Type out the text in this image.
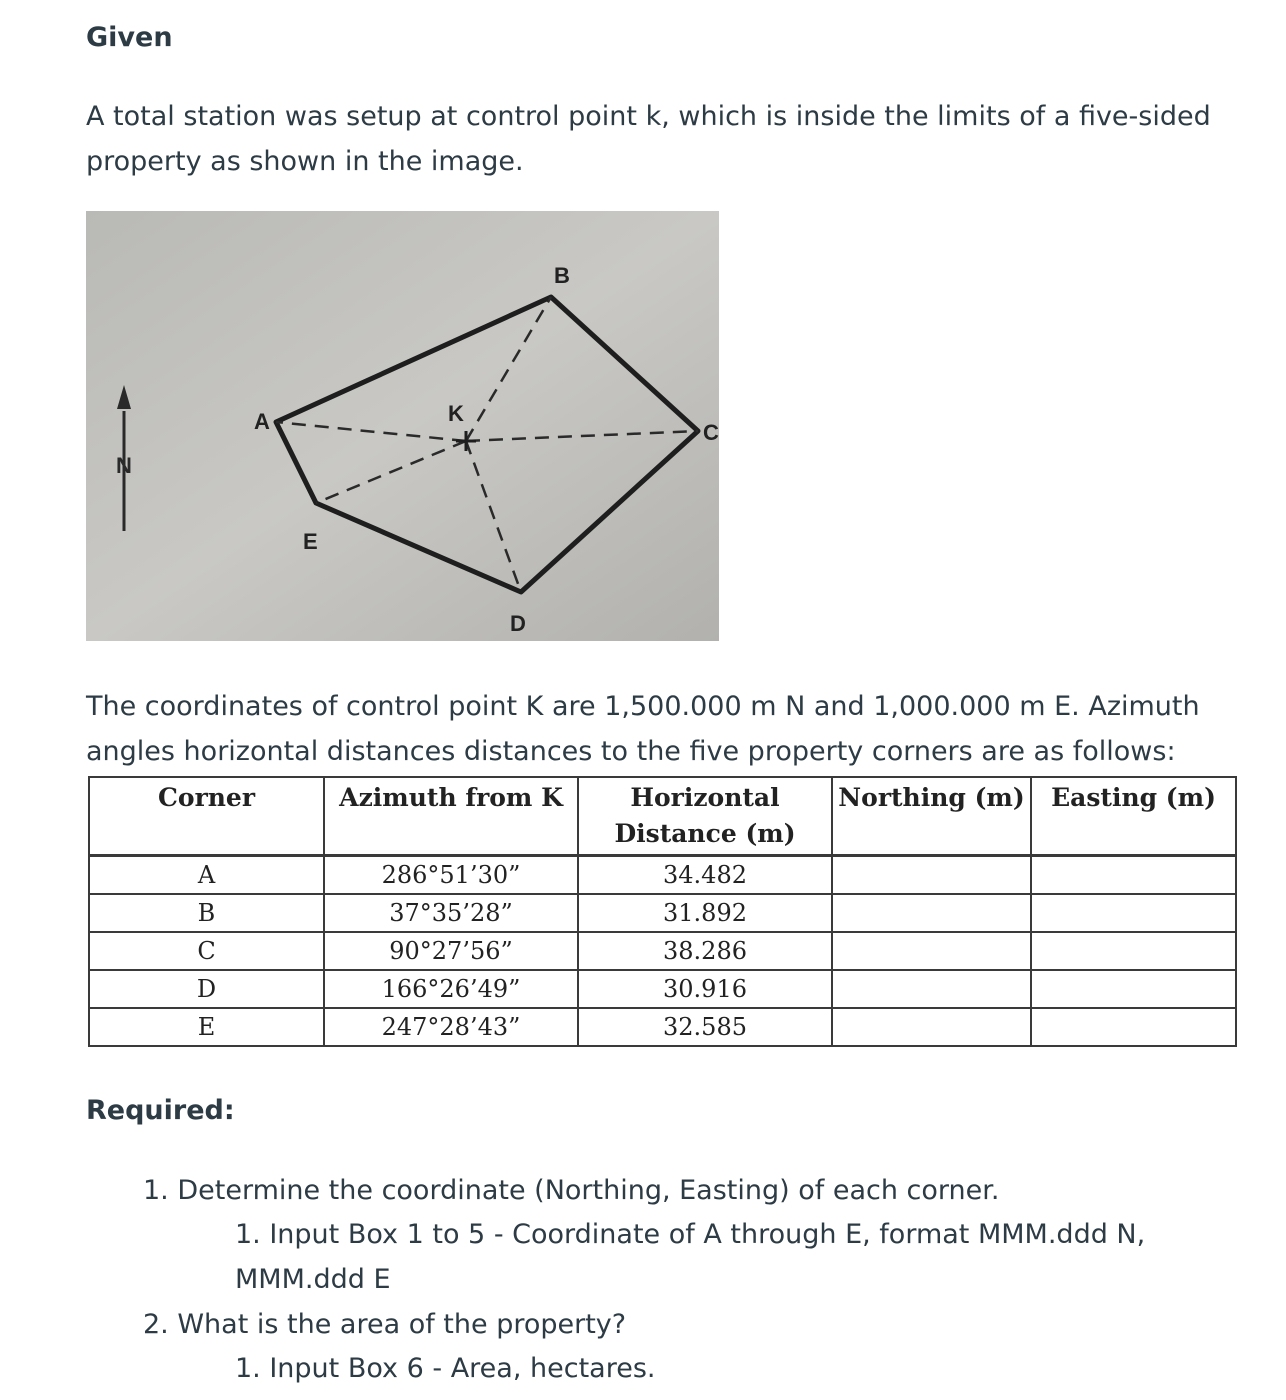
Given
A total station was setup at control point k, which is inside the limits of a five-sided property as shown in the image.
N
A
B
C
D
E
K
The coordinates of control point K are 1,500.000 m N and 1,000.000 m E. Azimuth angles horizontal distances distances to the five property corners are as follows:
Corner	Azimuth from K	Horizontal Distance (m)	Northing (m)	Easting (m)
A	286°51’30”	34.482		
B	37°35’28”	31.892		
C	90°27’56”	38.286		
D	166°26’49”	30.916		
E	247°28’43”	32.585		
Required:
1. Determine the coordinate (Northing, Easting) of each corner.
1. Input Box 1 to 5 - Coordinate of A through E, format MMM.ddd N, MMM.ddd E
2. What is the area of the property?
1. Input Box 6 - Area, hectares.
